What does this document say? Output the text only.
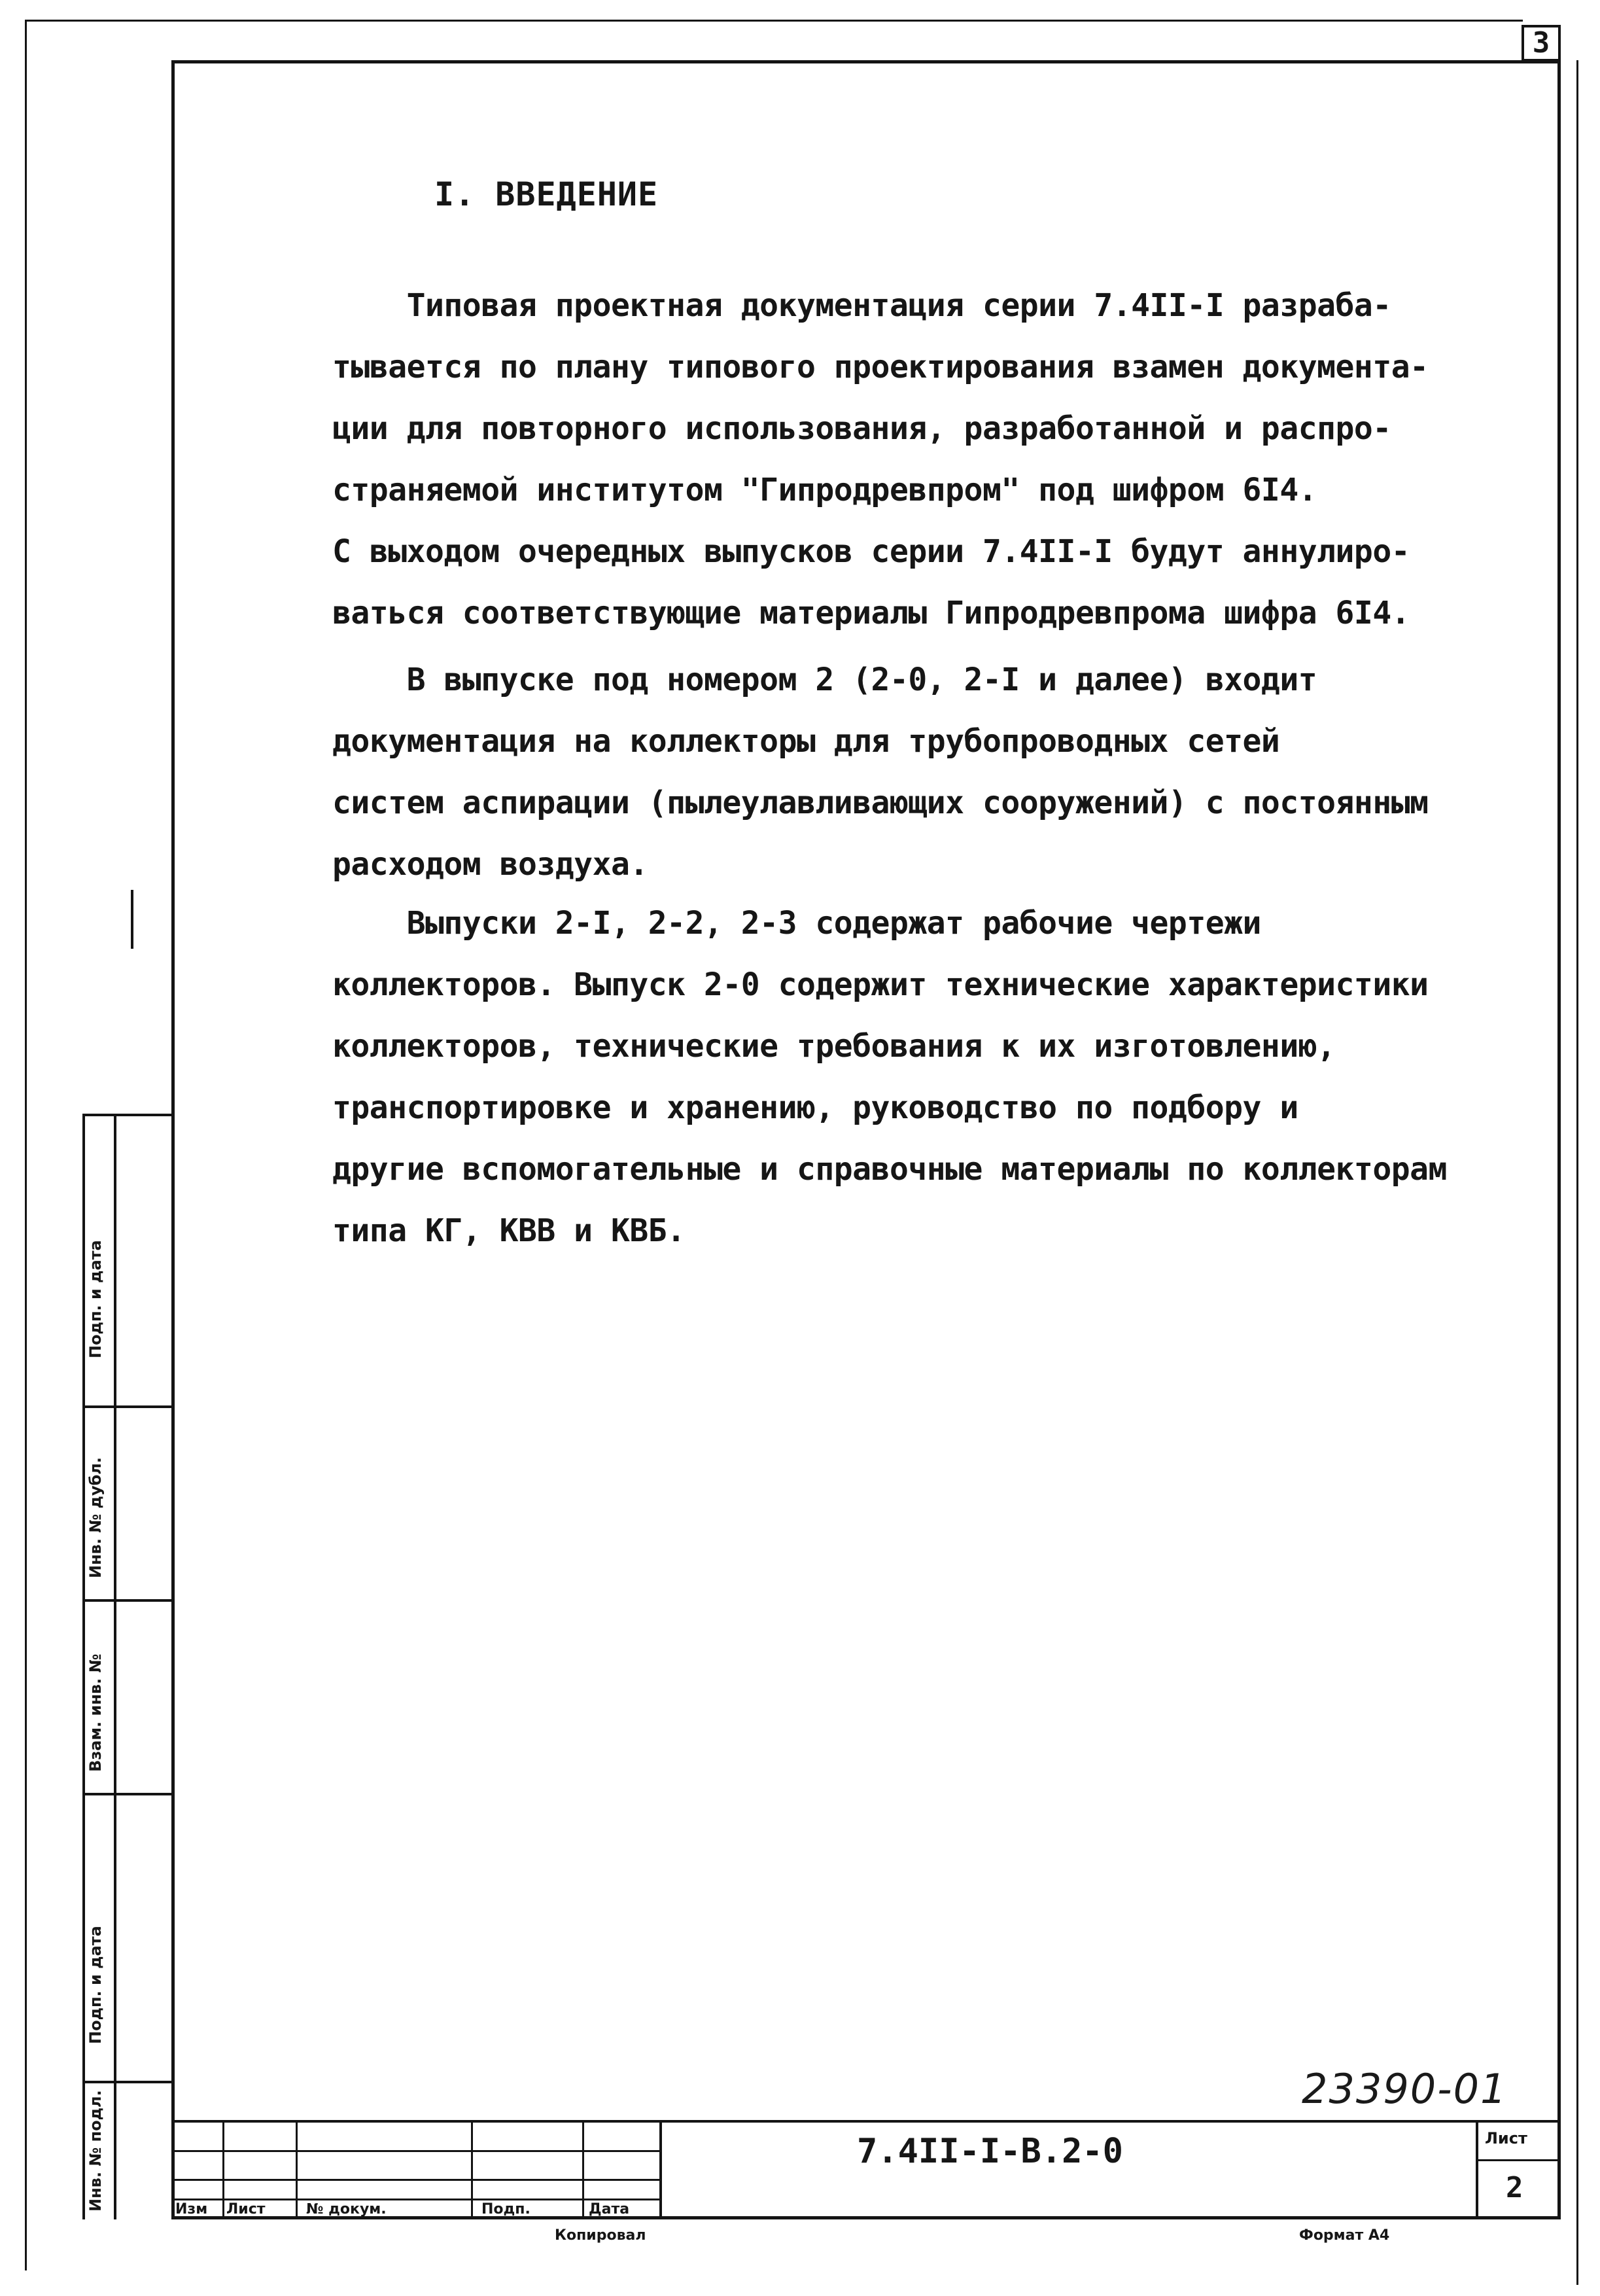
3
I. ВВЕДЕНИЕ
Типовая проектная документация серии 7.4II-I разраба-
тывается по плану типового проектирования взамен документа-
ции для повторного использования, разработанной и распро-
страняемой институтом "Гипродревпром" под шифром 6I4.
С выходом очередных выпусков серии 7.4II-I будут аннулиро-
ваться соответствующие материалы Гипродревпрома шифра 6I4.
В выпуске под номером 2 (2-0, 2-I и далее) входит
документация на коллекторы для трубопроводных сетей
систем аспирации (пылеулавливающих сооружений) с постоянным
расходом воздуха.
Выпуски 2-I, 2-2, 2-3 содержат рабочие чертежи
коллекторов. Выпуск 2-0 содержит технические характеристики
коллекторов, технические требования к их изготовлению,
транспортировке и хранению, руководство по подбору и
другие вспомогательные и справочные материалы по коллекторам
типа КГ, КВВ и КВБ.
Подп. и дата
Инв. № дубл.
Взам. инв. №
Подп. и дата
Инв. № подл.
23390-01
7.4II-I-В.2-0	Лист
2
Изм Лист	№ докум.	Подп.	Дата
Копировал	Формат А4
